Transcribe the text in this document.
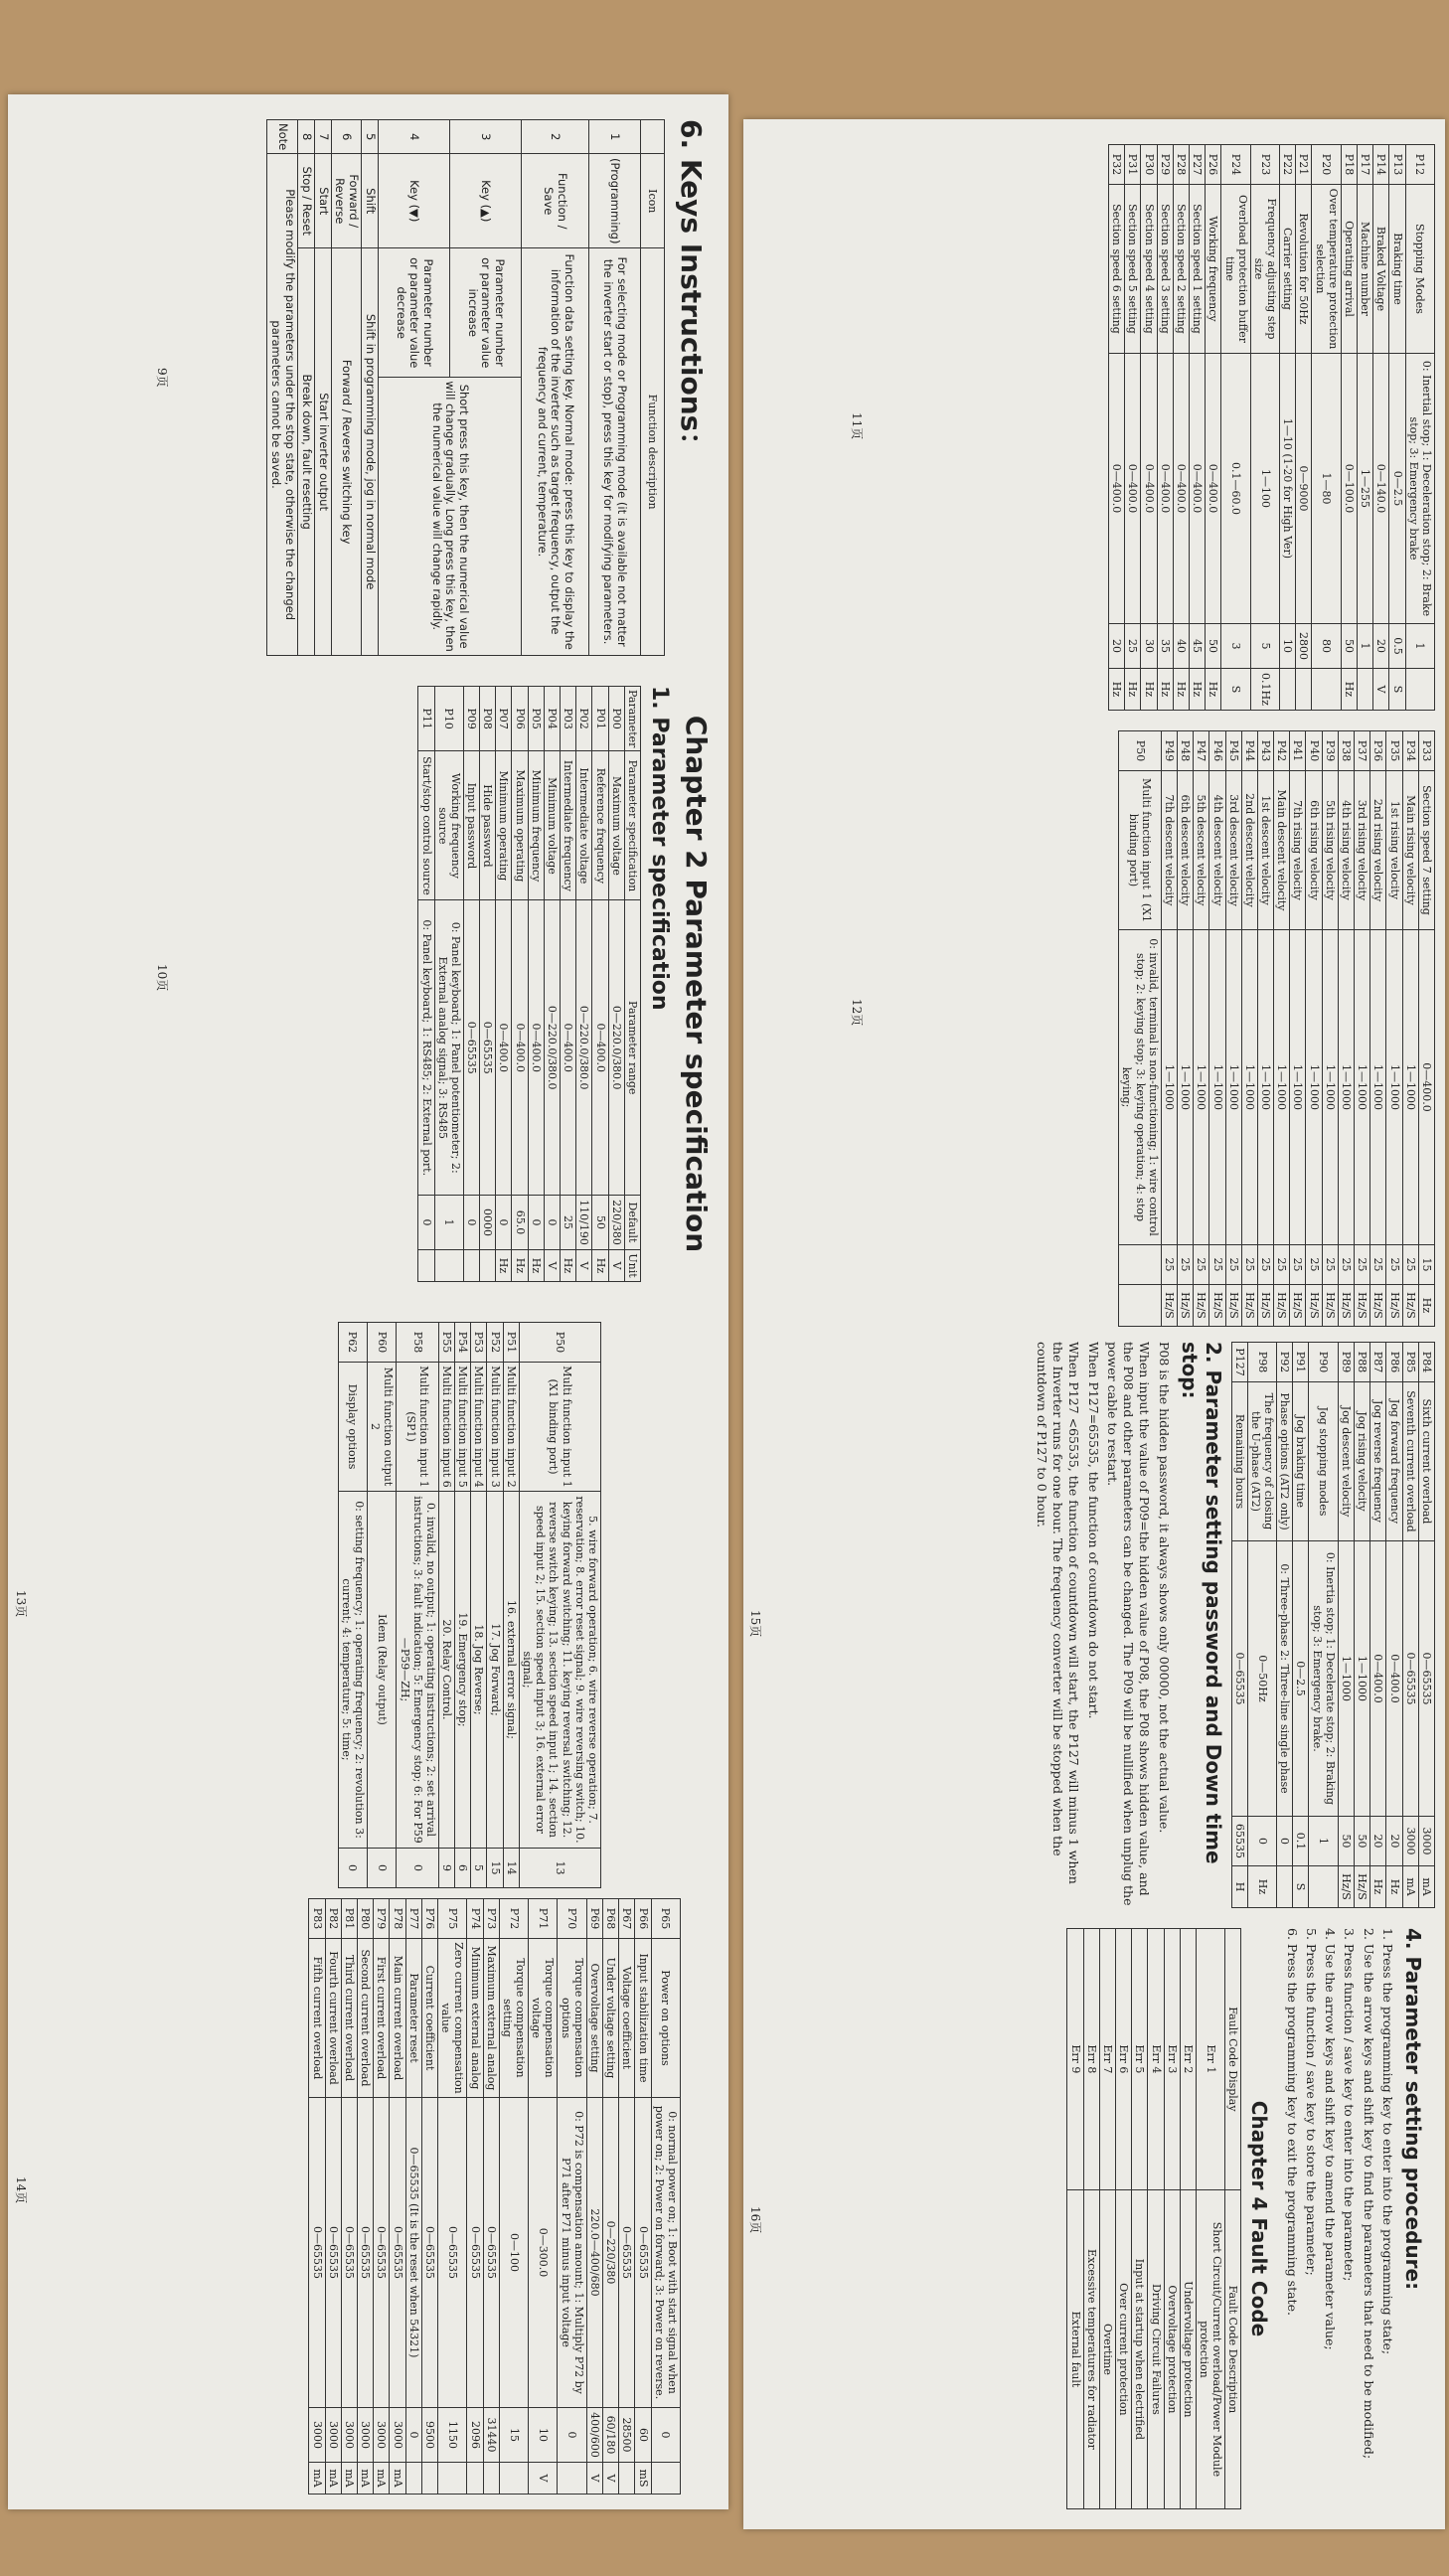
6. Keys Instructions：
	Icon	Function description	
1	(Programming)	For selecting mode or Programming mode (it is available not matter the inverter start or stop), press this key for modifying parameters.	
2	Function / Save	Function data setting key. Normal mode: press this key to display the information of the inverter such as target frequency, output the frequency and current, temperature.	
3	Key (▲)	Parameter number or parameter value increase	Short press this key, then the numerical value will change gradually. Long press this key, then the numerical value will change rapidly.
4	Key (▼)	Parameter number or parameter value decrease	
5	Shift	Shift in programming mode, jog in normal mode	
6	Forward / Reverse	Forward / Reverse switching key	
7	Start	Start inverter output	
8	Stop / Reset	Break down, fault resetting	
Note	Please modify the parameters under the stop state, otherwise the changed parameters cannot be saved.		
9页
Chapter 2 Parameter specification
1. Parameter specification
Parameter	Parameter specification	Parameter range	Default	Unit
P00	Maximum voltage	0—220.0/380.0	220/380	V
P01	Reference frequency	0—400.0	50	Hz
P02	Intermediate voltage	0—220.0/380.0	110/190	V
P03	Intermediate frequency	0—400.0	25	Hz
P04	Minimum voltage	0—220.0/380.0	0	V
P05	Minimum frequency	0—400.0	0	Hz
P06	Maximum operating	0—400.0	65.0	Hz
P07	Minimum operating	0—400.0	0	Hz
P08	Hide password	0—65535	0000	
P09	Input password	0—65535	0	
P10	Working frequency source	0: Panel keyboard; 1: Panel potentiometer; 2: External analog signal; 3: RS485	1	
P11	Start/stop control source	0: Panel keyboard; 1: RS485; 2: External port.	0	
10页
P50	Multi function input 1 (X1 binding port)	5. wire forward operation; 6. wire reverse operation; 7. reservation; 8. error reset signal; 9. wire reversing switch; 10. keying forward switching; 11. keying reversal switching; 12. reverse switch keying; 13. section speed input 1; 14. section speed input 2; 15. section speed input 3; 16. external error signal;	13
P51	Multi function input 2	16. external error signal;	14
P52	Multi function input 3	17. Jog Forward;	15
P53	Multi function input 4	18. Jog Reverse;	5
P54	Multi function input 5	19. Emergency stop;	6
P55	Multi function input 6	20. Relay Control.	9
P58	Multi function input 1 (SP1)	0. invalid, no output; 1: operating instructions; 2: set arrival instructions; 3: fault indication; 5: Emergency stop; 6: For P59—P59—ZH;	0
P60	Multi function output 2	Idem (Relay output)	0
P62	Display options	0: setting frequency; 1: operating frequency; 2: revolution 3: current; 4: temperature; 5: time;	0
13页
P65	Power on options	0: normal power on; 1: Boot with start signal when power on; 2: Power on forward; 3: Power on reverse.	0	
P66	Input stabilization time	0—65535	60	mS
P67	Voltage coefficient	0—65535	28500	
P68	Under voltage setting	0—220/380	60/180	V
P69	Overvoltage setting	220.0—400/680	400/600	V
P70	Torque compensation options	0: P72 is compensation amount; 1: Multiply P72 by P71 after P71 minus input voltage	0	
P71	Torque compensation voltage	0—300.0	10	V
P72	Torque compensation setting	0—100	15	
P73	Maximum external analog	0—65535	31440	
P74	Minimum external analog	0—65535	2096	
P75	Zero current compensation value	0—65535	1150	
P76	Current coefficient	0—65535	9500	
P77	Parameter reset	0—65535 (It is the reset when 54321)	0	
P78	Main current overload	0—65535	3000	mA
P79	First current overload	0—65535	3000	mA
P80	Second current overload	0—65535	3000	mA
P81	Third current overload	0—65535	3000	mA
P82	Fourth current overload	0—65535	3000	mA
P83	Fifth current overload	0—65535	3000	mA
14页
P12	Stopping Modes	0: Inertial stop; 1: Deceleration stop; 2: Brake stop; 3: Emergency brake	1	
P13	Braking time	0—2.5	0.5	S
P14	Braked Voltage	0—140.0	20	V
P17	Machine number	1—255	1	
P18	Operating arrival	0—100.0	50	Hz
P20	Over temperature protection selection	1—80	80	
P21	Revolution for 50Hz	0—9000	2800	
P22	Carrier setting	1—10 (1-20 for High Ver)	10	
P23	Frequency adjusting step size	1—100	5	0.1Hz
P24	Overload protection buffer time	0.1—60.0	3	S
P26	Working frequency	0—400.0	50	Hz
P27	Section speed 1 setting	0—400.0	45	Hz
P28	Section speed 2 setting	0—400.0	40	Hz
P29	Section speed 3 setting	0—400.0	35	Hz
P30	Section speed 4 setting	0—400.0	30	Hz
P31	Section speed 5 setting	0—400.0	25	Hz
P32	Section speed 6 setting	0—400.0	20	Hz
11页
P33	Section speed 7 setting	0—400.0	15	Hz
P34	Main rising velocity	1—1000	25	Hz/S
P35	1st rising velocity	1—1000	25	Hz/S
P36	2nd rising velocity	1—1000	25	Hz/S
P37	3rd rising velocity	1—1000	25	Hz/S
P38	4th rising velocity	1—1000	25	Hz/S
P39	5th rising velocity	1—1000	25	Hz/S
P40	6th rising velocity	1—1000	25	Hz/S
P41	7th rising velocity	1—1000	25	Hz/S
P42	Main descent velocity	1—1000	25	Hz/S
P43	1st descent velocity	1—1000	25	Hz/S
P44	2nd descent velocity	1—1000	25	Hz/S
P45	3rd descent velocity	1—1000	25	Hz/S
P46	4th descent velocity	1—1000	25	Hz/S
P47	5th descent velocity	1—1000	25	Hz/S
P48	6th descent velocity	1—1000	25	Hz/S
P49	7th descent velocity	1—1000	25	Hz/S
P50	Multi function input 1 (X1 binding port)	0: invalid, terminal is non-functioning; 1: wire control stop; 2: keying stop; 3: keying operation; 4: stop keying;		
12页
P84	Sixth current overload	0—65535	3000	mA
P85	Seventh current overload	0—65535	3000	mA
P86	Jog forward frequency	0—400.0	20	Hz
P87	Jog reverse frequency	0—400.0	20	Hz
P88	Jog rising velocity	1—1000	50	Hz/S
P89	Jog descent velocity	1—1000	50	Hz/S
P90	Jog stopping modes	0: Inertia stop; 1: Decelerate stop; 2: Braking stop; 3: Emergency brake.	1	
P91	Jog braking time	0—2.5	0.1	S
P92	Phase options (AT2 only)	0: Three-phase 2: Three-line single phase	0	
P98	The frequency of closing the U-phase (AT2)	0—50Hz	0	Hz
P127	Remaining hours	0—65535	65535	H
2. Parameter setting password and Down time stop:
P08 is the hidden password, it always shows only 00000, not the actual value.
When input the value of P09=the hidden value of P08, the P08 shows hidden value, and the P08 and other parameters can be changed. The P09 will be nullified when unplug the power cable to restart.
When P127=65535, the function of countdown do not start.
When P127 <65535, the function of countdown will start, the P127 will minus 1 when the Inverter runs for one hour. The frequency converter will be stopped when the countdown of P127 to 0 hour.
15页
4. Parameter setting procedure:
1. Press the programming key to enter into the programming state;
2. Use the arrow keys and shift key to find the parameters that need to be modified;
3. Press function / save key to enter into the parameter;
4. Use the arrow keys and shift key to amend the parameter value;
5. Press the function / save key to store the parameter;
6. Press the programming key to exit the programming state.
Chapter 4 Fault Code
Fault Code Display	Fault Code Description
Err 1	Short Circuit/Current overload/Power Module protection
Err 2	Undervoltage protection
Err 3	Overvoltage protection
Err 4	Driving Circuit Failures
Err 5	Input at startup when electrified
Err 6	Over current protection
Err 7	Overtime
Err 8	Excessive temperatures for radiator
Err 9	External fault
16页
